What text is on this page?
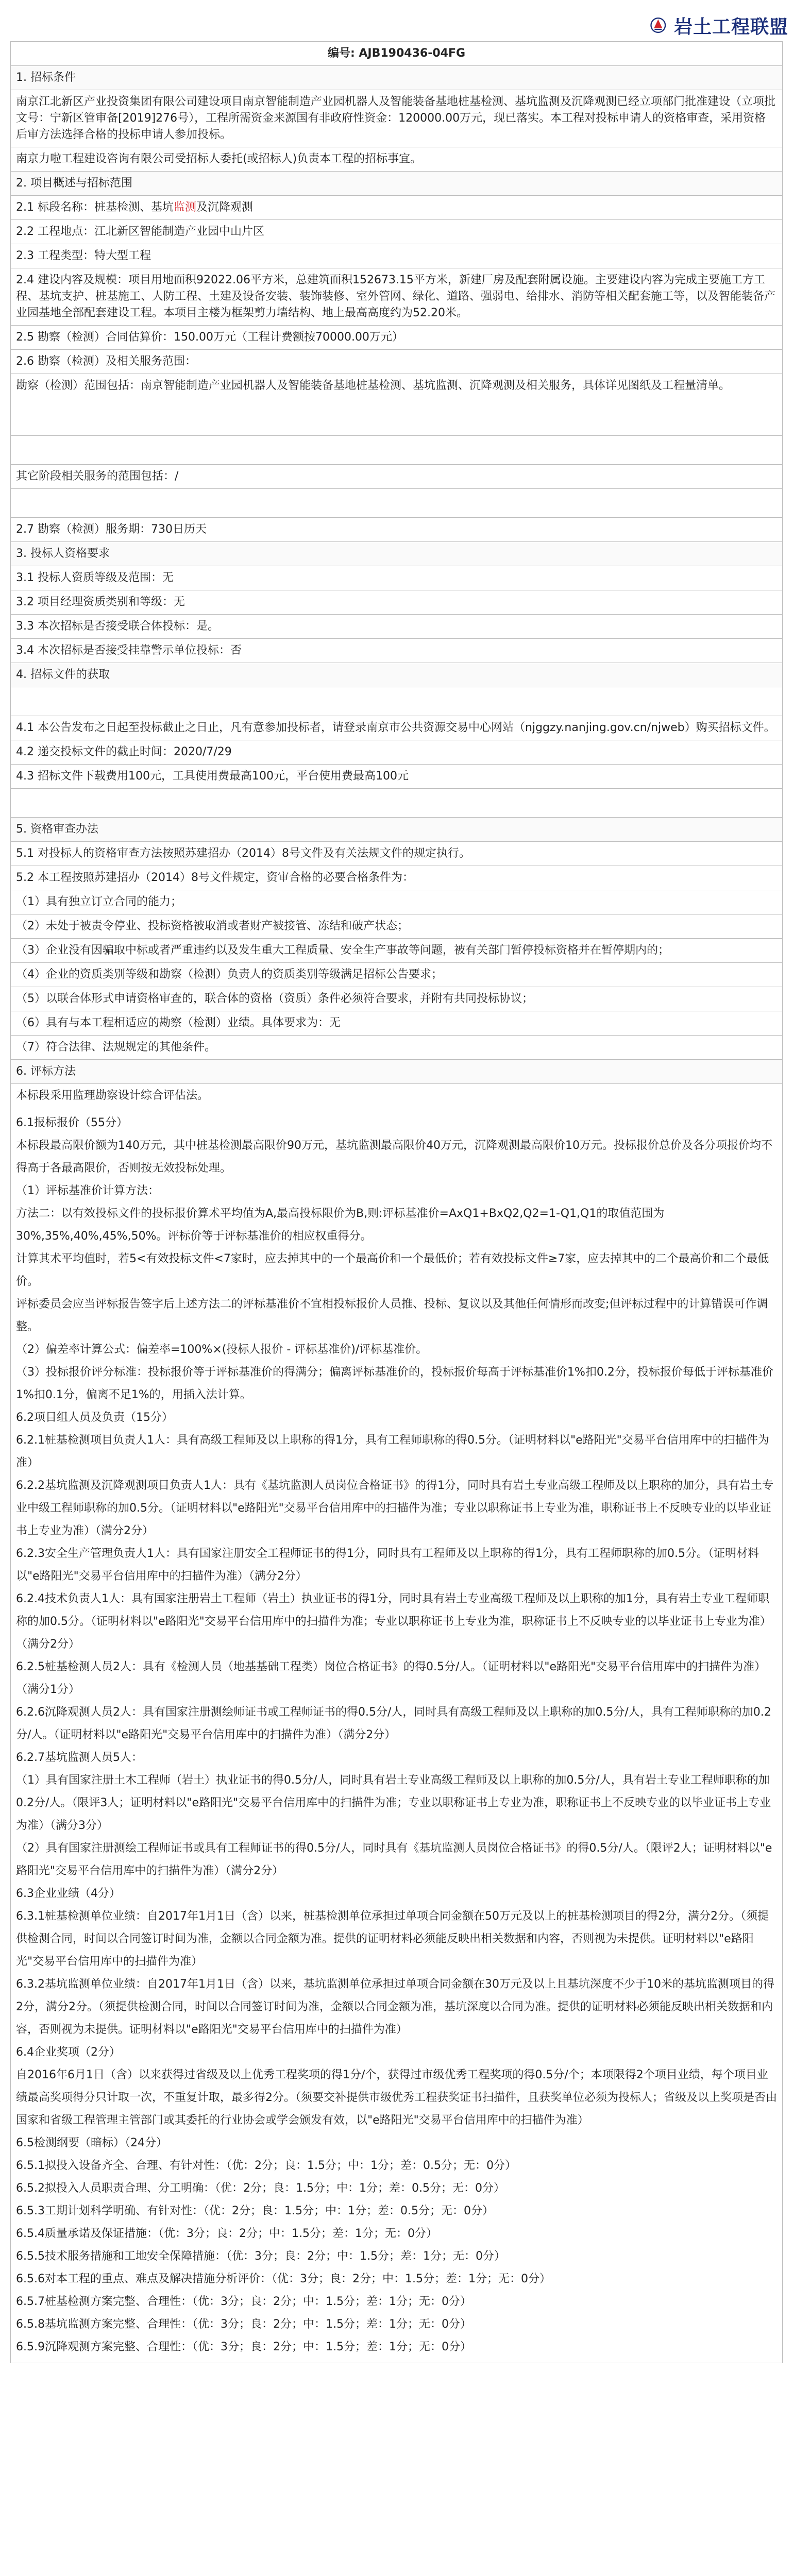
岩土工程联盟
编号: AJB190436-04FG
1. 招标条件
南京江北新区产业投资集团有限公司建设项目南京智能制造产业园机器人及智能装备基地桩基检测、基坑监测及沉降观测已经立项部门批准建设（立项批文号：宁新区管审备[2019]276号），工程所需资金来源国有非政府性资金：120000.00万元，现已落实。本工程对投标申请人的资格审查，采用资格后审方法选择合格的投标申请人参加投标。
南京力啦工程建设咨询有限公司受招标人委托(或招标人)负责本工程的招标事宜。
2. 项目概述与招标范围
2.1 标段名称：桩基检测、基坑监测及沉降观测
2.2 工程地点：江北新区智能制造产业园中山片区
2.3 工程类型：特大型工程
2.4 建设内容及规模：项目用地面积92022.06平方米，总建筑面积152673.15平方米，新建厂房及配套附属设施。主要建设内容为完成主要施工方工程、基坑支护、桩基施工、人防工程、土建及设备安装、装饰装修、室外管网、绿化、道路、强弱电、给排水、消防等相关配套施工等，以及智能装备产业园基地全部配套建设工程。本项目主楼为框架剪力墙结构、地上最高高度约为52.20米。
2.5 勘察（检测）合同估算价：150.00万元（工程计费额按70000.00万元）
2.6 勘察（检测）及相关服务范围：
勘察（检测）范围包括：南京智能制造产业园机器人及智能装备基地桩基检测、基坑监测、沉降观测及相关服务，具体详见图纸及工程量清单。
其它阶段相关服务的范围包括：/
2.7 勘察（检测）服务期：730日历天
3. 投标人资格要求
3.1 投标人资质等级及范围：无
3.2 项目经理资质类别和等级：无
3.3 本次招标是否接受联合体投标：是。
3.4 本次招标是否接受挂靠警示单位投标：否
4. 招标文件的获取
4.1 本公告发布之日起至投标截止之日止，凡有意参加投标者，请登录南京市公共资源交易中心网站（njggzy.nanjing.gov.cn/njweb）购买招标文件。
4.2 递交投标文件的截止时间：2020/7/29
4.3 招标文件下载费用100元，工具使用费最高100元，平台使用费最高100元
5. 资格审查办法
5.1 对投标人的资格审查方法按照苏建招办（2014）8号文件及有关法规文件的规定执行。
5.2 本工程按照苏建招办（2014）8号文件规定，资审合格的必要合格条件为：
（1）具有独立订立合同的能力；
（2）未处于被责令停业、投标资格被取消或者财产被接管、冻结和破产状态；
（3）企业没有因骗取中标或者严重违约以及发生重大工程质量、安全生产事故等问题，被有关部门暂停投标资格并在暂停期内的；
（4）企业的资质类别等级和勘察（检测）负责人的资质类别等级满足招标公告要求；
（5）以联合体形式申请资格审查的，联合体的资格（资质）条件必须符合要求，并附有共同投标协议；
（6）具有与本工程相适应的勘察（检测）业绩。具体要求为：无
（7）符合法律、法规规定的其他条件。
6. 评标方法
本标段采用监理勘察设计综合评估法。

6.1报标报价（55分）

本标段最高限价额为140万元，其中桩基检测最高限价90万元，基坑监测最高限价40万元，沉降观测最高限价10万元。投标报价总价及各分项报价均不得高于各最高限价，否则按无效投标处理。

（1）评标基准价计算方法：

方法二：以有效投标文件的投标报价算术平均值为A,最高投标限价为B,则:评标基准价=AxQ1+BxQ2,Q2=1-Q1,Q1的取值范围为30%,35%,40%,45%,50%。评标价等于评标基准价的相应权重得分。

计算其术平均值时，若5<有效投标文件<7家时，应去掉其中的一个最高价和一个最低价；若有效投标文件≥7家，应去掉其中的二个最高价和二个最低价。

评标委员会应当评标报告签字后上述方法二的评标基准价不宜相投标报价人员推、投标、复议以及其他任何情形而改变;但评标过程中的计算错误可作调整。

（2）偏差率计算公式：偏差率=100%×(投标人报价 - 评标基准价)/评标基准价。

（3）投标报价评分标准：投标报价等于评标基准价的得满分；偏离评标基准价的，投标报价每高于评标基准价1%扣0.2分，投标报价每低于评标基准价1%扣0.1分，偏离不足1%的，用插入法计算。

6.2项目组人员及负责（15分）

6.2.1桩基检测项目负责人1人：具有高级工程师及以上职称的得1分，具有工程师职称的得0.5分。（证明材料以"e路阳光"交易平台信用库中的扫描件为准）

6.2.2基坑监测及沉降观测项目负责人1人：具有《基坑监测人员岗位合格证书》的得1分，同时具有岩土专业高级工程师及以上职称的加分，具有岩土专业中级工程师职称的加0.5分。（证明材料以"e路阳光"交易平台信用库中的扫描件为准；专业以职称证书上专业为准，职称证书上不反映专业的以毕业证书上专业为准）（满分2分）

6.2.3安全生产管理负责人1人：具有国家注册安全工程师证书的得1分，同时具有工程师及以上职称的得1分，具有工程师职称的加0.5分。（证明材料以"e路阳光"交易平台信用库中的扫描件为准）（满分2分）

6.2.4技术负责人1人：具有国家注册岩土工程师（岩土）执业证书的得1分，同时具有岩土专业高级工程师及以上职称的加1分，具有岩土专业工程师职称的加0.5分。（证明材料以"e路阳光"交易平台信用库中的扫描件为准；专业以职称证书上专业为准，职称证书上不反映专业的以毕业证书上专业为准）（满分2分）

6.2.5桩基检测人员2人：具有《检测人员（地基基础工程类）岗位合格证书》的得0.5分/人。（证明材料以"e路阳光"交易平台信用库中的扫描件为准）（满分1分）

6.2.6沉降观测人员2人：具有国家注册测绘师证书或工程师证书的得0.5分/人，同时具有高级工程师及以上职称的加0.5分/人，具有工程师职称的加0.2分/人。（证明材料以"e路阳光"交易平台信用库中的扫描件为准）（满分2分）

6.2.7基坑监测人员5人：

（1）具有国家注册土木工程师（岩土）执业证书的得0.5分/人，同时具有岩土专业高级工程师及以上职称的加0.5分/人，具有岩土专业工程师职称的加0.2分/人。（限评3人；证明材料以"e路阳光"交易平台信用库中的扫描件为准；专业以职称证书上专业为准，职称证书上不反映专业的以毕业证书上专业为准）（满分3分）

（2）具有国家注册测绘工程师证书或具有工程师证书的得0.5分/人，同时具有《基坑监测人员岗位合格证书》的得0.5分/人。（限评2人；证明材料以"e路阳光"交易平台信用库中的扫描件为准）（满分2分）

6.3企业业绩（4分）

6.3.1桩基检测单位业绩：自2017年1月1日（含）以来，桩基检测单位承担过单项合同金额在50万元及以上的桩基检测项目的得2分，满分2分。（须提供检测合同，时间以合同签订时间为准，金额以合同金额为准。提供的证明材料必须能反映出相关数据和内容，否则视为未提供。证明材料以"e路阳光"交易平台信用库中的扫描件为准）

6.3.2基坑监测单位业绩：自2017年1月1日（含）以来，基坑监测单位承担过单项合同金额在30万元及以上且基坑深度不少于10米的基坑监测项目的得2分，满分2分。（须提供检测合同，时间以合同签订时间为准，金额以合同金额为准，基坑深度以合同为准。提供的证明材料必须能反映出相关数据和内容，否则视为未提供。证明材料以"e路阳光"交易平台信用库中的扫描件为准）

6.4企业奖项（2分）

自2016年6月1日（含）以来获得过省级及以上优秀工程奖项的得1分/个，获得过市级优秀工程奖项的得0.5分/个；本项限得2个项目业绩，每个项目业绩最高奖项得分只计取一次，不重复计取，最多得2分。（须要交补提供市级优秀工程获奖证书扫描件，且获奖单位必须为投标人；省级及以上奖项是否由国家和省级工程管理主管部门或其委托的行业协会或学会颁发有效，以"e路阳光"交易平台信用库中的扫描件为准）

6.5检测纲要（暗标）（24分）

6.5.1拟投入设备齐全、合理、有针对性：（优：2分；良：1.5分；中：1分；差：0.5分；无：0分）

6.5.2拟投入人员职责合理、分工明确：（优：2分；良：1.5分；中：1分；差：0.5分；无：0分）

6.5.3工期计划科学明确、有针对性：（优：2分；良：1.5分；中：1分；差：0.5分；无：0分）

6.5.4质量承诺及保证措施：（优：3分；良：2分；中：1.5分；差：1分；无：0分）

6.5.5技术服务措施和工地安全保障措施：（优：3分；良：2分；中：1.5分；差：1分；无：0分）

6.5.6对本工程的重点、难点及解决措施分析评价：（优：3分；良：2分；中：1.5分；差：1分；无：0分）

6.5.7桩基检测方案完整、合理性：（优：3分；良：2分；中：1.5分；差：1分；无：0分）

6.5.8基坑监测方案完整、合理性：（优：3分；良：2分；中：1.5分；差：1分；无：0分）

6.5.9沉降观测方案完整、合理性：（优：3分；良：2分；中：1.5分；差：1分；无：0分）
